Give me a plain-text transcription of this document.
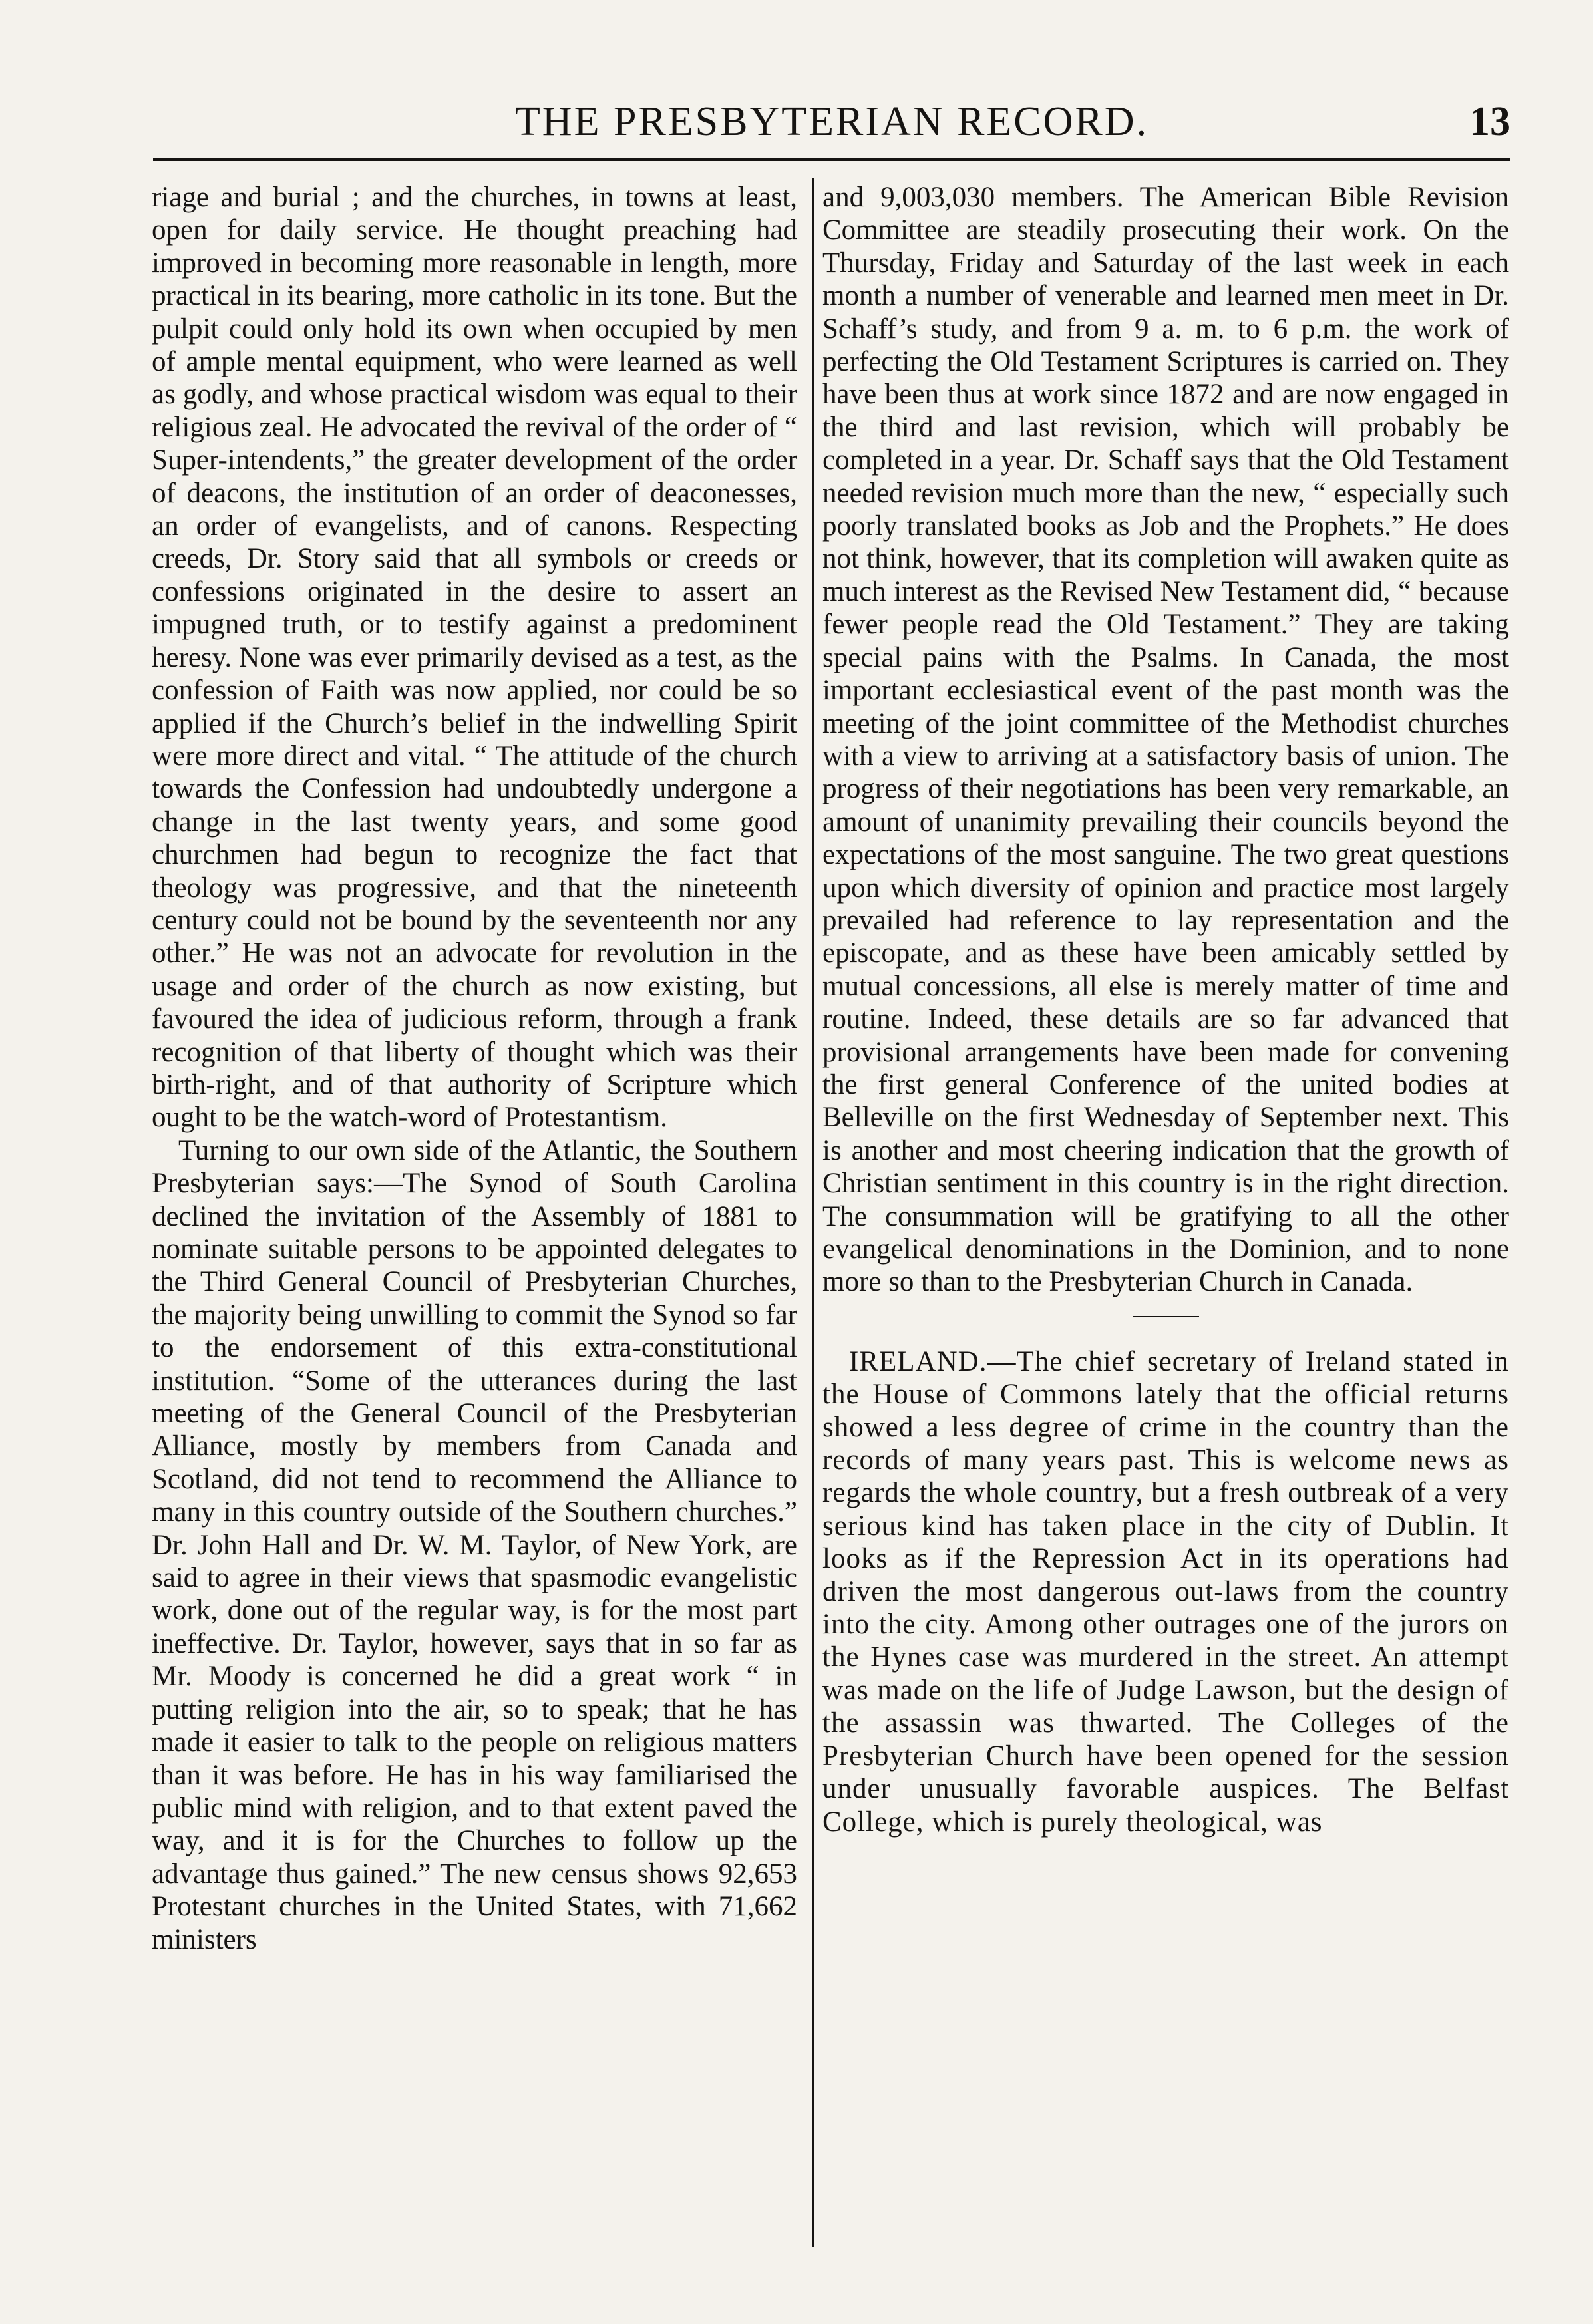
THE PRESBYTERIAN RECORD.	13

riage and burial ; and the churches, in towns at least, open for daily service. He thought preaching had improved in becoming more reasonable in length, more practical in its bearing, more catholic in its tone. But the pulpit could only hold its own when occupied by men of ample mental equipment, who were learned as well as godly, and whose practical wisdom was equal to their religious zeal. He advocated the revival of the order of “ Super-intendents,” the greater development of the order of deacons, the institution of an order of deaconesses, an order of evangelists, and of canons. Respecting creeds, Dr. Story said that all symbols or creeds or confessions originated in the desire to assert an impugned truth, or to testify against a predominent heresy. None was ever primarily devised as a test, as the confession of Faith was now applied, nor could be so applied if the Church’s belief in the indwelling Spirit were more direct and vital. “ The attitude of the church towards the Confession had undoubtedly undergone a change in the last twenty years, and some good churchmen had begun to recognize the fact that theology was progressive, and that the nineteenth century could not be bound by the seventeenth nor any other.” He was not an advocate for revolution in the usage and order of the church as now existing, but favoured the idea of judicious reform, through a frank recognition of that liberty of thought which was their birth-right, and of that authority of Scripture which ought to be the watch-word of Protestantism.

Turning to our own side of the Atlantic, the Southern Presbyterian says:—The Synod of South Carolina declined the invitation of the Assembly of 1881 to nominate suitable persons to be appointed delegates to the Third General Council of Presbyterian Churches, the majority being unwilling to commit the Synod so far to the endorsement of this extra-constitutional institution. “Some of the utterances during the last meeting of the General Council of the Presbyterian Alliance, mostly by members from Canada and Scotland, did not tend to recommend the Alliance to many in this country outside of the Southern churches.” Dr. John Hall and Dr. W. M. Taylor, of New York, are said to agree in their views that spasmodic evangelistic work, done out of the regular way, is for the most part ineffective. Dr. Taylor, however, says that in so far as Mr. Moody is concerned he did a great work “ in putting religion into the air, so to speak; that he has made it easier to talk to the people on religious matters than it was before. He has in his way familiarised the public mind with religion, and to that extent paved the way, and it is for the Churches to follow up the advantage thus gained.” The new census shows 92,653 Protestant churches in the United States, with 71,662 ministers

and 9,003,030 members. The American Bible Revision Committee are steadily prosecuting their work. On the Thursday, Friday and Saturday of the last week in each month a number of venerable and learned men meet in Dr. Schaff’s study, and from 9 a. m. to 6 p.m. the work of perfecting the Old Testament Scriptures is carried on. They have been thus at work since 1872 and are now engaged in the third and last revision, which will probably be completed in a year. Dr. Schaff says that the Old Testament needed revision much more than the new, “ especially such poorly translated books as Job and the Prophets.” He does not think, however, that its completion will awaken quite as much interest as the Revised New Testament did, “ because fewer people read the Old Testament.” They are taking special pains with the Psalms. In Canada, the most important ecclesiastical event of the past month was the meeting of the joint committee of the Methodist churches with a view to arriving at a satisfactory basis of union. The progress of their negotiations has been very remarkable, an amount of unanimity prevailing their councils beyond the expectations of the most sanguine. The two great questions upon which diversity of opinion and practice most largely prevailed had reference to lay representation and the episcopate, and as these have been amicably settled by mutual concessions, all else is merely matter of time and routine. Indeed, these details are so far advanced that provisional arrangements have been made for convening the first general Conference of the united bodies at Belleville on the first Wednesday of September next. This is another and most cheering indication that the growth of Christian sentiment in this country is in the right direction. The consummation will be gratifying to all the other evangelical denominations in the Dominion, and to none more so than to the Presbyterian Church in Canada.

IRELAND.—The chief secretary of Ireland stated in the House of Commons lately that the official returns showed a less degree of crime in the country than the records of many years past. This is welcome news as regards the whole country, but a fresh outbreak of a very serious kind has taken place in the city of Dublin. It looks as if the Repression Act in its operations had driven the most dangerous out-laws from the country into the city. Among other outrages one of the jurors on the Hynes case was murdered in the street. An attempt was made on the life of Judge Lawson, but the design of the assassin was thwarted. The Colleges of the Presbyterian Church have been opened for the session under unusually favorable auspices. The Belfast College, which is purely theological, was
